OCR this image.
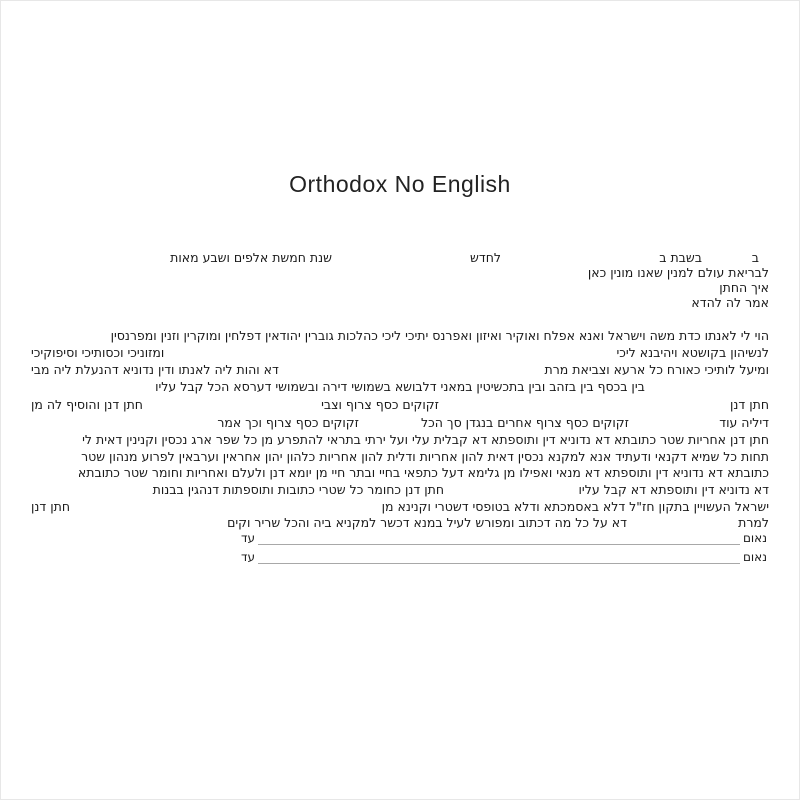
Orthodox No English
ב
בשבת ב
לחדש
שנת חמשת אלפים ושבע מאות
לבריאת עולם למנין שאנו מונין כאן
איך החתן
אמר לה להדא
הוי לי לאנתו כדת משה וישראל ואנא אפלח ואוקיר ואיזון ואפרנס יתיכי ליכי כהלכות גוברין יהודאין דפלחין ומוקרין וזנין ומפרנסין
לנשיהון בקושטא ויהיבנא ליכי
ומזוניכי וכסותיכי וסיפוקיכי
ומיעל לותיכי כאורח כל ארעא וצביאת מרת
דא והות ליה לאנתו ודין נדוניא דהנעלת ליה מבי
בין בכסף בין בזהב ובין בתכשיטין במאני דלבושא בשמושי דירה ובשמושי דערסא הכל קבל עליו
חתן דנן
זקוקים כסף צרוף וצבי
חתן דנן והוסיף לה מן
דיליה עוד
זקוקים כסף צרוף אחרים בנגדן סך הכל
זקוקים כסף צרוף וכך אמר
חתן דנן אחריות שטר כתובתא דא נדוניא דין ותוספתא דא קבלית עלי ועל ירתי בתראי להתפרע מן כל שפר ארג נכסין וקנינין דאית לי
תחות כל שמיא דקנאי ודעתיד אנא למקנא נכסין דאית להון אחריות ודלית להון אחריות כלהון יהון אחראין וערבאין לפרוע מנהון שטר
כתובתא דא נדוניא דין ותוספתא דא מנאי ואפילו מן גלימא דעל כתפאי בחיי ובתר חיי מן יומא דנן ולעלם ואחריות וחומר שטר כתובתא
דא נדוניא דין ותוספתא דא קבל עליו
חתן דנן כחומר כל שטרי כתובות ותוספתות דנהגין בבנות
ישראל העשויין בתקון חז"ל דלא באסמכתא ודלא בטופסי דשטרי וקנינא מן
חתן דנן
למרת
דא על כל מה דכתוב ומפורש לעיל במנא דכשר למקניא ביה והכל שריר וקים
נאום
עד
נאום
עד
